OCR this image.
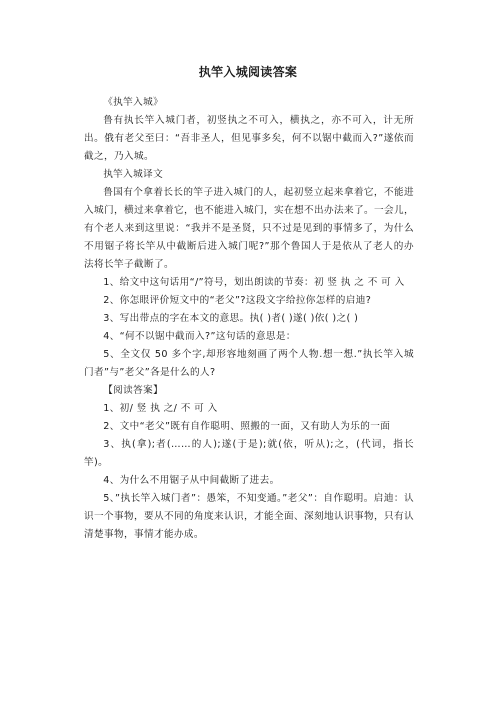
执竿入城阅读答案

《执竿入城》

鲁有执长竿入城门者，初竖执之不可入，横执之，亦不可入，计无所出。俄有老父至曰：“吾非圣人，但见事多矣，何不以锯中截而入?”遂依而截之，乃入城。

执竿入城译文

鲁国有个拿着长长的竿子进入城门的人，起初竖立起来拿着它，不能进入城门，横过来拿着它，也不能进入城门，实在想不出办法来了。一会儿，有个老人来到这里说：“我并不是圣贤，只不过是见到的事情多了，为什么不用锯子将长竿从中截断后进入城门呢?”那个鲁国人于是依从了老人的办法将长竿子截断了。

1、给文中这句话用“/”符号，划出朗读的节奏：初 竖 执 之 不 可 入

2、你怎眼评价短文中的“老父”?这段文字给拉你怎样的启迪?

3、写出带点的字在本文的意思。执( )者( )遂( )依( )之( )

4、“何不以锯中截而入?”这句话的意思是：

5、全文仅 50 多个字,却形容地刻画了两个人物.想一想.”执长竿入城门者”与”老父”各是什么的人?

【阅读答案】

1、初/ 竖 执 之/ 不 可 入

2、文中“老父”既有自作聪明、照搬的一面，又有助人为乐的一面

3、执(拿);者(……的人);遂(于是);就(依，听从);之，(代词，指长竿)。

4、为什么不用锯子从中间截断了进去。

5、”执长竿入城门者”：愚笨，不知变通。”老父”：自作聪明。启迪：认识一个事物，要从不同的角度来认识，才能全面、深刻地认识事物，只有认清楚事物，事情才能办成。
